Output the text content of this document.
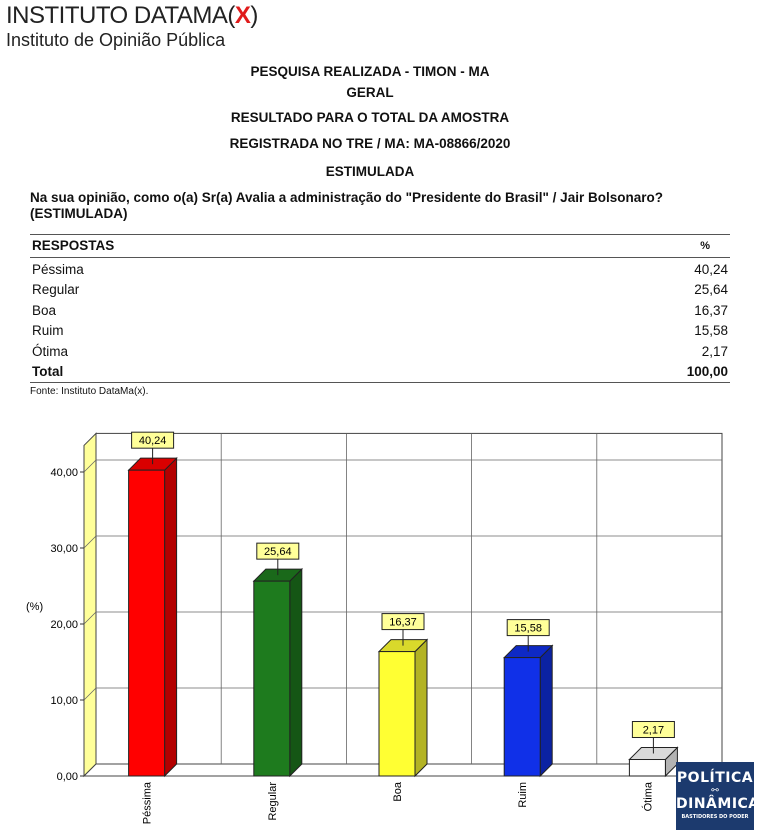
INSTITUTO DATAMA(X)
Instituto de Opinião Pública
PESQUISA REALIZADA - TIMON - MA
GERAL
RESULTADO PARA O TOTAL DA AMOSTRA
REGISTRADA NO TRE / MA: MA-08866/2020
ESTIMULADA
Na sua opinião, como o(a) Sr(a) Avalia a administração do "Presidente do Brasil" / Jair Bolsonaro? (ESTIMULADA)
RESPOSTAS	%
Péssima	40,24
Regular	25,64
Boa	16,37
Ruim	15,58
Ótima	2,17
Total	100,00
Fonte: Instituto DataMa(x).
(%)
0,00
10,00
20,00
30,00
40,00
40,24
Péssima
25,64
Regular
16,37
Boa
15,58
Ruim
2,17
Ótima
POLÍTICA
⚯
DINÂMICA
BASTIDORES DO PODER
